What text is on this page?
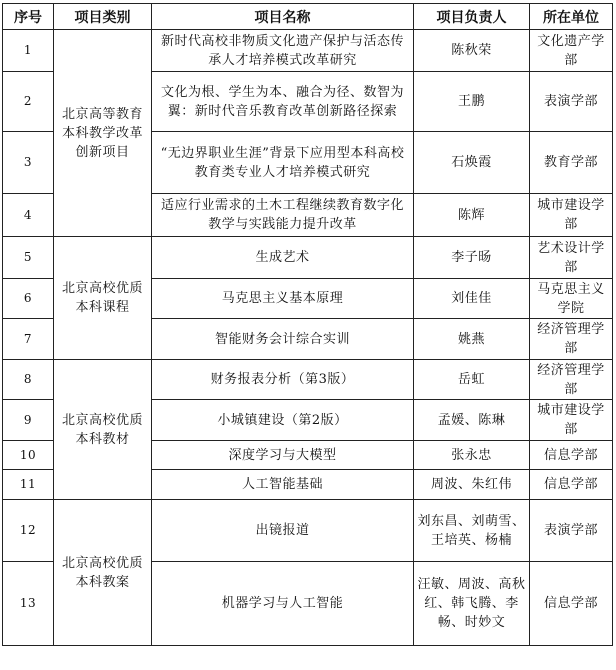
序号	项目类别	项目名称	项目负责人	所在单位
1	北京高等教育本科教学改革创新项目	新时代高校非物质文化遗产保护与活态传承人才培养模式改革研究	陈秋荣	文化遗产学部
2		文化为根、学生为本、融合为径、数智为翼：新时代音乐教育改革创新路径探索	王鹏	表演学部
3		“无边界职业生涯”背景下应用型本科高校教育类专业人才培养模式研究	石焕霞	教育学部
4		适应行业需求的土木工程继续教育数字化教学与实践能力提升改革	陈辉	城市建设学部
5	北京高校优质本科课程	生成艺术	李子旸	艺术设计学部
6		马克思主义基本原理	刘佳佳	马克思主义学院
7		智能财务会计综合实训	姚燕	经济管理学部
8	北京高校优质本科教材	财务报表分析（第3版）	岳虹	经济管理学部
9		小城镇建设（第2版）	孟媛、陈琳	城市建设学部
10		深度学习与大模型	张永忠	信息学部
11		人工智能基础	周波、朱红伟	信息学部
12	北京高校优质本科教案	出镜报道	刘东昌、刘萌雪、王培英、杨楠	表演学部
13		机器学习与人工智能	汪敏、周波、高秋红、韩飞腾、李畅、时妙文	信息学部
